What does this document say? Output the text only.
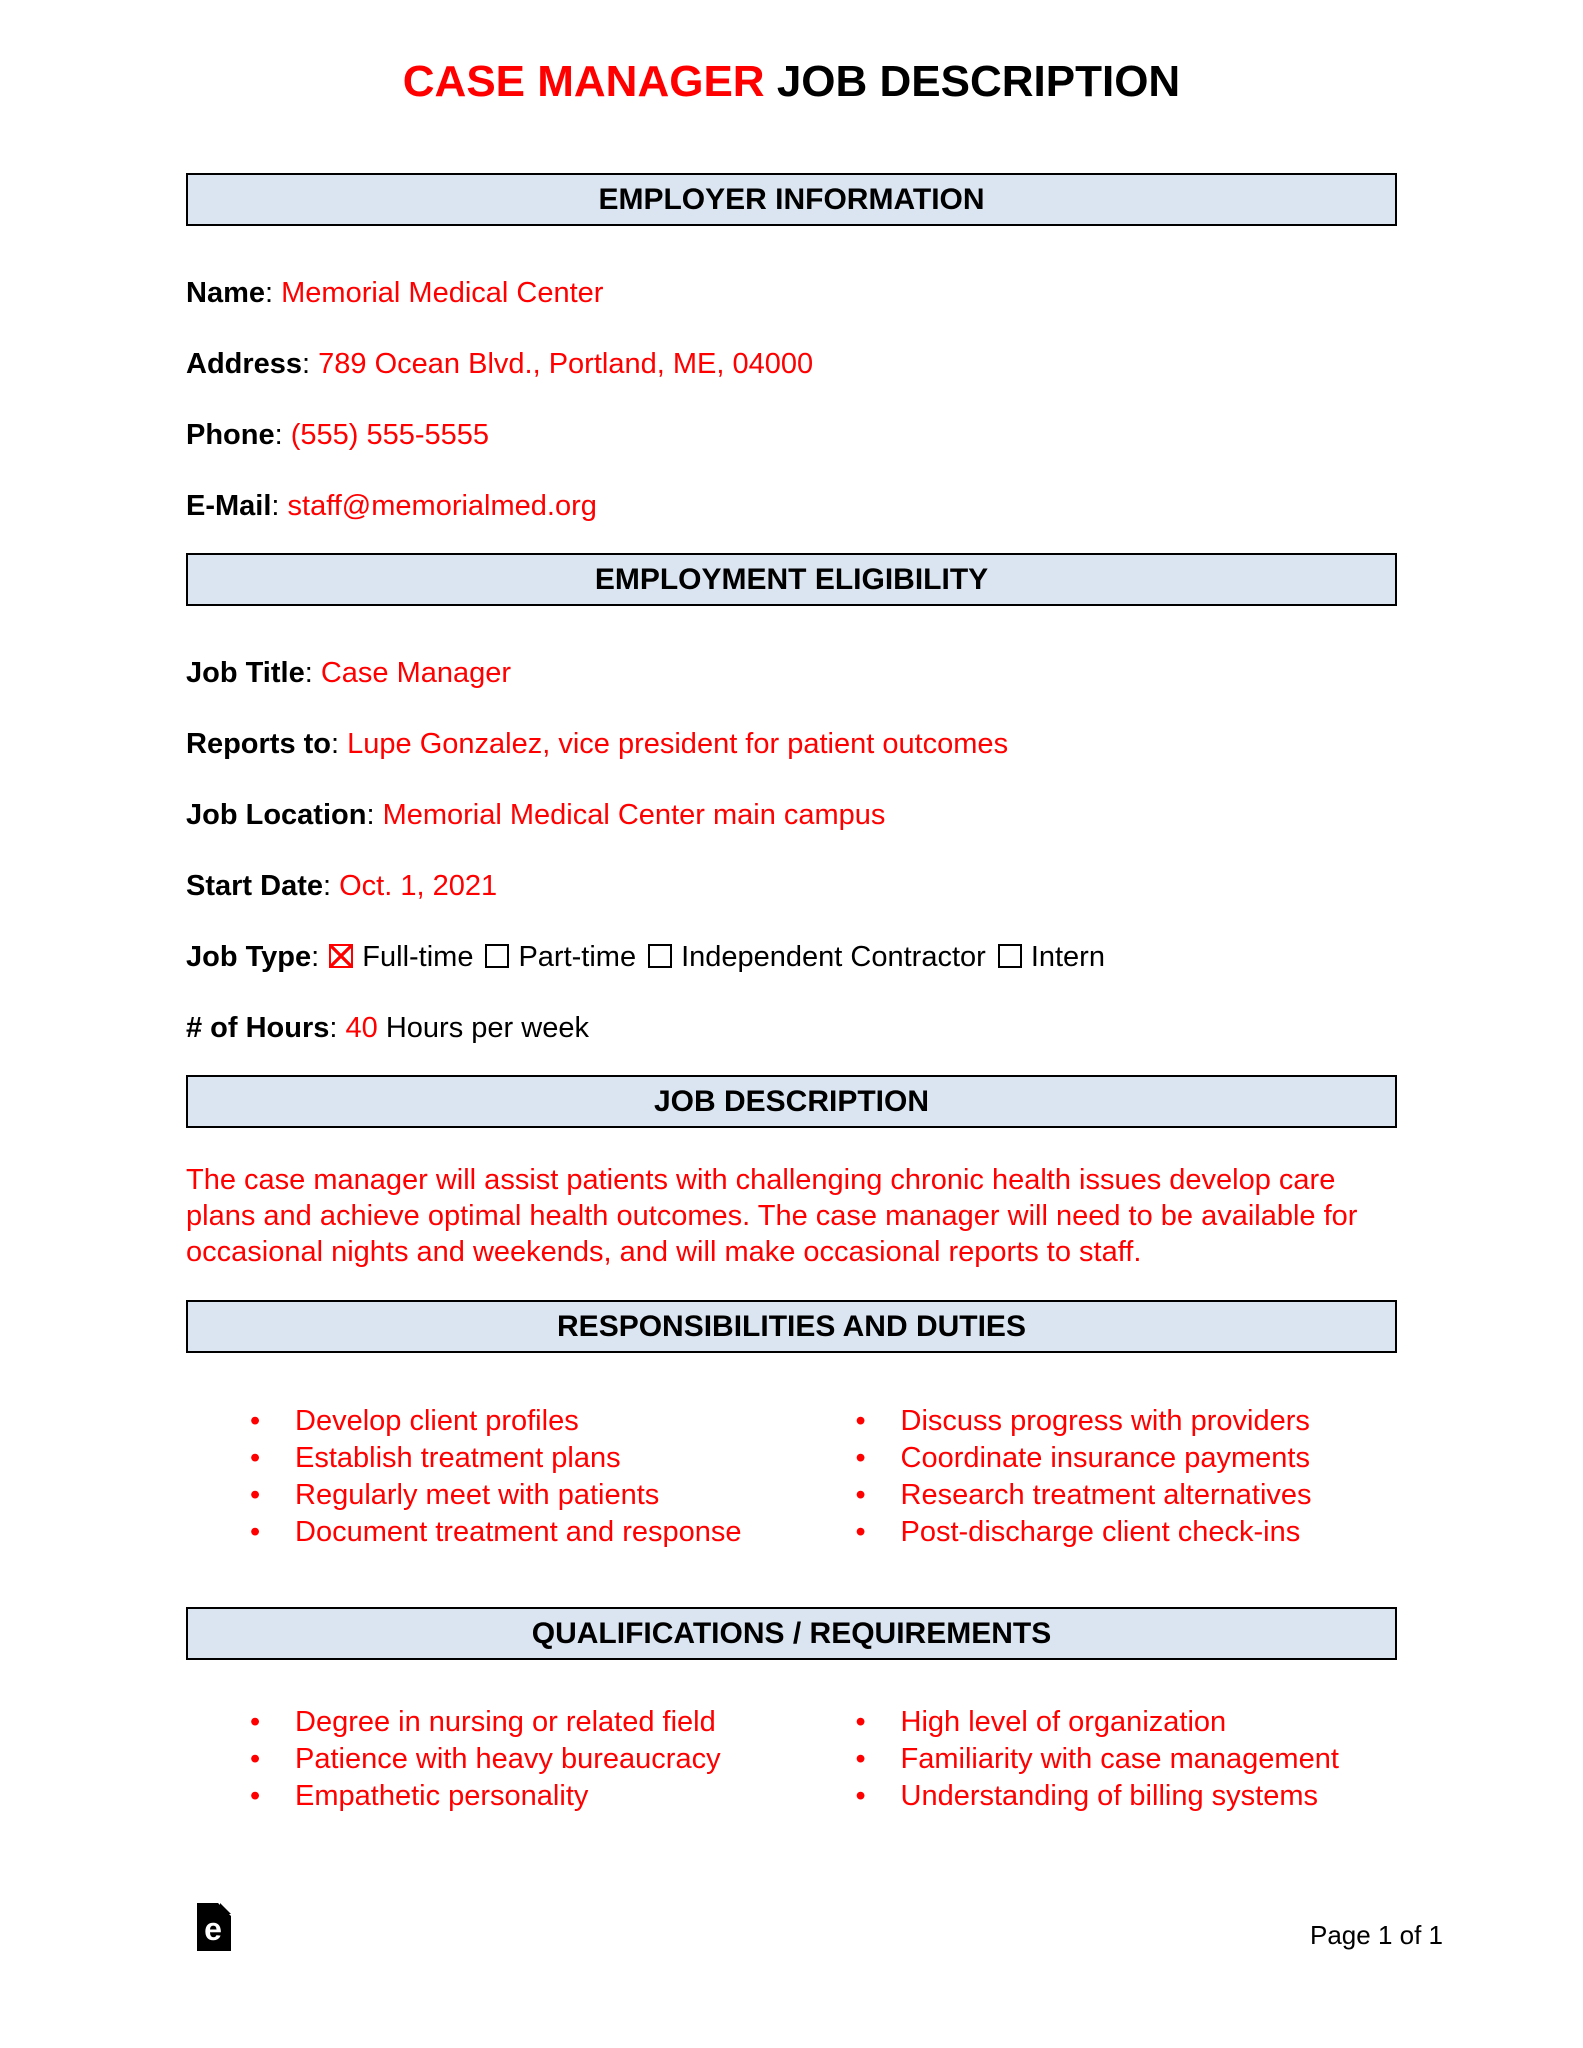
CASE MANAGER JOB DESCRIPTION
EMPLOYER INFORMATION

Name: Memorial Medical Center

Address: 789 Ocean Blvd., Portland, ME, 04000

Phone: (555) 555-5555

E-Mail: staff@memorialmed.org

EMPLOYMENT ELIGIBILITY

Job Title: Case Manager

Reports to: Lupe Gonzalez, vice president for patient outcomes

Job Location: Memorial Medical Center main campus

Start Date: Oct. 1, 2021

Job Type: Full-time Part-time Independent Contractor Intern

# of Hours: 40 Hours per week

JOB DESCRIPTION

The case manager will assist patients with challenging chronic health issues develop care plans and achieve optimal health outcomes. The case manager will need to be available for occasional nights and weekends, and will make occasional reports to staff.

RESPONSIBILITIES AND DUTIES
• Develop client profiles
• Establish treatment plans
• Regularly meet with patients
• Document treatment and response
• Discuss progress with providers
• Coordinate insurance payments
• Research treatment alternatives
• Post-discharge client check-ins
QUALIFICATIONS / REQUIREMENTS
• Degree in nursing or related field
• Patience with heavy bureaucracy
• Empathetic personality
• High level of organization
• Familiarity with case management
• Understanding of billing systems
e	Page 1 of 1
